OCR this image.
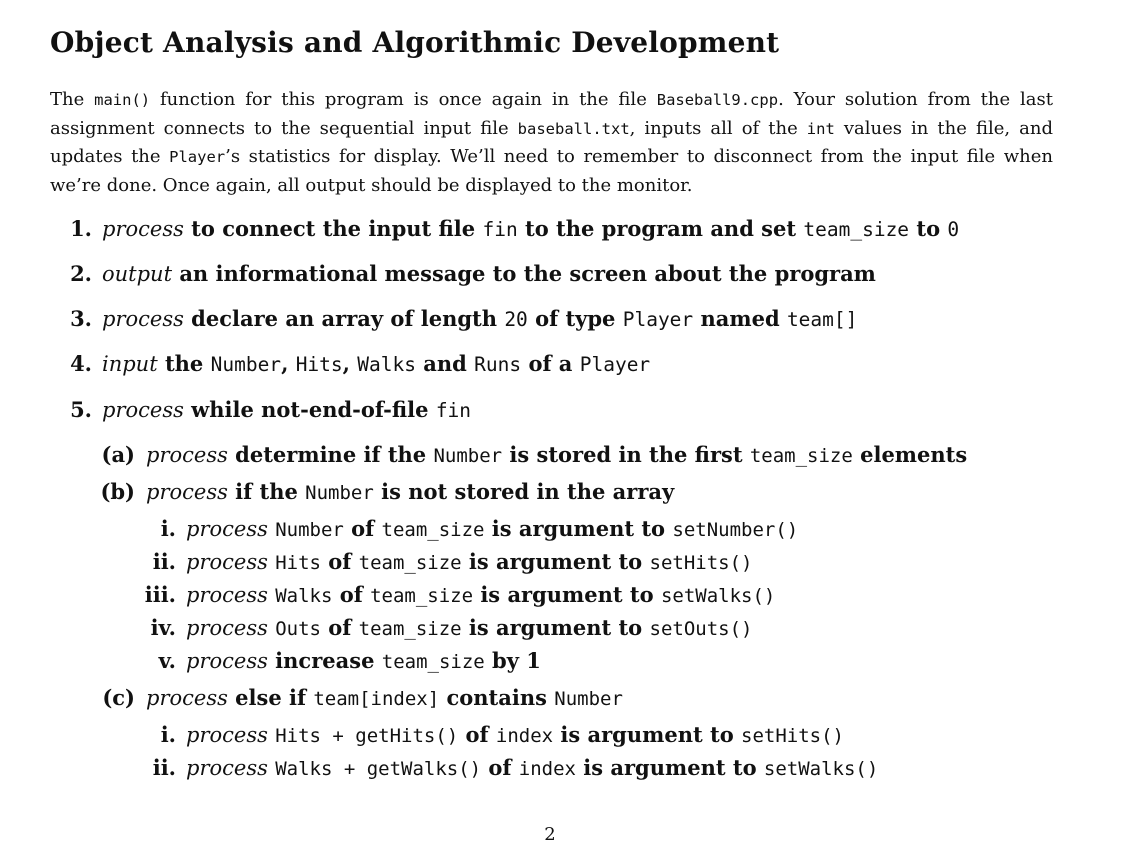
Object Analysis and Algorithmic Development

The main() function for this program is once again in the file Baseball9.cpp. Your solution from the last assignment connects to the sequential input file baseball.txt, inputs all of the int values in the file, and updates the Player’s statistics for display. We’ll need to remember to disconnect from the input file when we’re done. Once again, all output should be displayed to the monitor.

1. process to connect the input file fin to the program and set team_size to 0
2. output an informational message to the screen about the program
3. process declare an array of length 20 of type Player named team[]
4. input the Number, Hits, Walks and Runs of a Player
5. process while not-end-of-file fin
(a) process determine if the Number is stored in the first team_size elements
(b) process if the Number is not stored in the array
i. process Number of team_size is argument to setNumber()
ii. process Hits of team_size is argument to setHits()
iii. process Walks of team_size is argument to setWalks()
iv. process Outs of team_size is argument to setOuts()
v. process increase team_size by 1
(c) process else if team[index] contains Number
i. process Hits + getHits() of index is argument to setHits()
ii. process Walks + getWalks() of index is argument to setWalks()
2
